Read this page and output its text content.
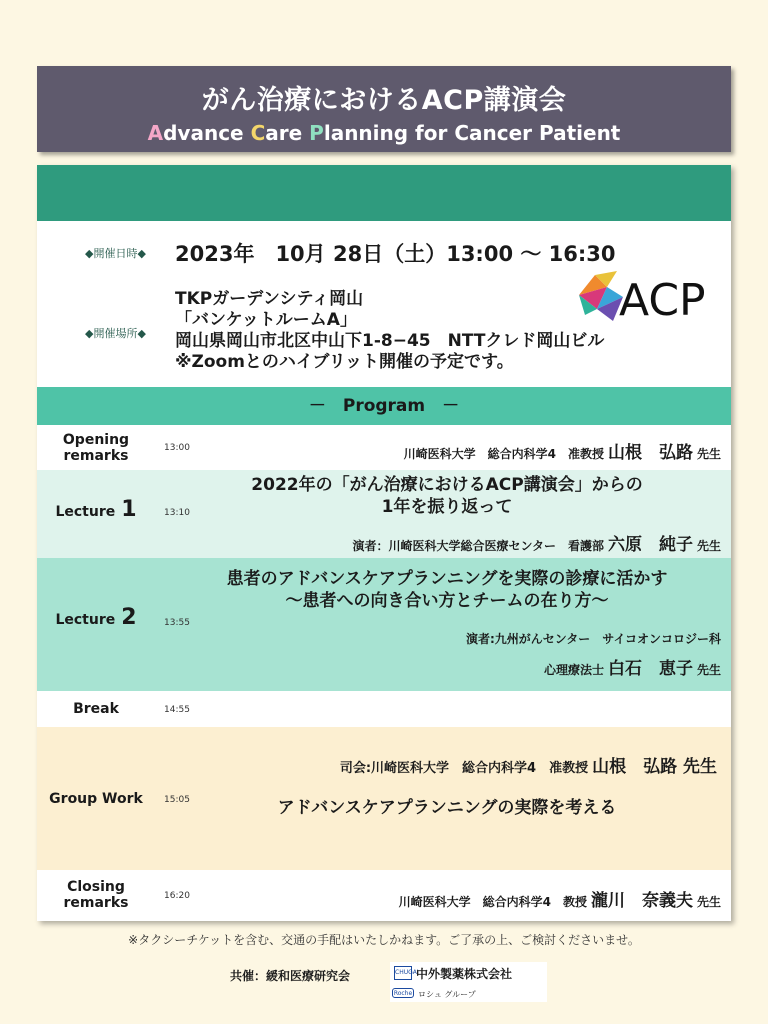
がん治療におけるACP講演会
Advance Care Planning for Cancer Patient
◆開催日時◆ 2023年　10月 28日（土）13:00 ～ 16:30
◆開催場所◆
TKPガーデンシティ岡山
「バンケットルームA」
岡山県岡山市北区中山下1-8−45　NTTクレド岡山ビル
※Zoomとのハイブリット開催の予定です。
ACP
－　Program　－
Opening
remarks	13:00	川崎医科大学　総合内科学4　准教授 山根　弘路 先生
Lecture 1	13:10
2022年の「がん治療におけるACP講演会」からの
1年を振り返って
演者：川崎医科大学総合医療センター　看護部 六原　純子 先生
Lecture 2	13:55
患者のアドバンスケアプランニングを実際の診療に活かす
～患者への向き合い方とチームの在り方～
演者:九州がんセンター　サイコオンコロジー科
心理療法士 白石　恵子 先生
Break	14:55
Group Work	15:05
司会:川崎医科大学　総合内科学4　准教授 山根　弘路 先生
アドバンスケアプランニングの実際を考える
Closing
remarks	16:20	川崎医科大学　総合内科学4　教授 瀧川　奈義夫 先生
※タクシーチケットを含む、交通の手配はいたしかねます。ご了承の上、ご検討くださいませ。
共催：緩和医療研究会	CHUGAI
中外製薬株式会社
Roche ロシュ グループ
